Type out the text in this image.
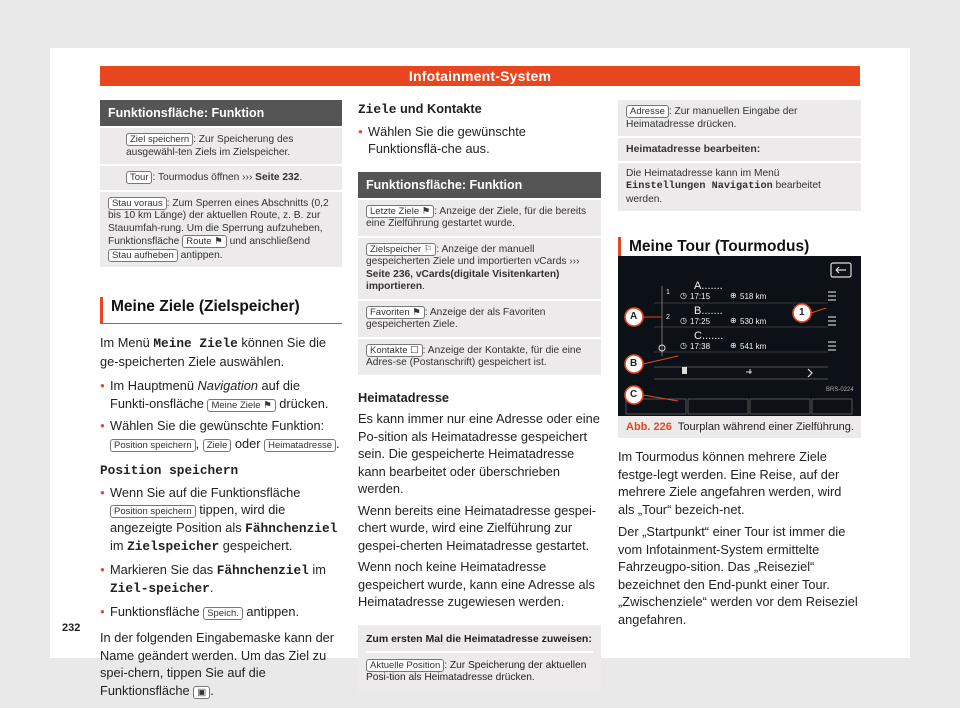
Infotainment-System
Funktionsfläche: Funktion
Ziel speichern : Zur Speicherung des ausgewähl-ten Ziels im Zielspeicher.
Tour : Tourmodus öffnen ››› Seite 232.
Stau voraus : Zum Sperren eines Abschnitts (0,2 bis 10 km Länge) der aktuellen Route, z. B. zur Stauumfah-rung. Um die Sperrung aufzuheben, Funktionsfläche Route ⚑ und anschließend Stau aufheben antippen.
Meine Ziele (Zielspeicher)

Im Menü Meine Ziele können Sie die ge-speicherten Ziele auswählen.

● Im Hauptmenü Navigation auf die Funkti-onsfläche Meine Ziele ⚑ drücken.

● Wählen Sie die gewünschte Funktion: Position speichern , Ziele oder Heimatadresse .

Position speichern

● Wenn Sie auf die Funktionsfläche Position speichern tippen, wird die angezeigte Position als Fähnchenziel im Zielspeicher gespeichert.

● Markieren Sie das Fähnchenziel im Ziel-speicher.

● Funktionsfläche Speich. antippen.

In der folgenden Eingabemaske kann der Name geändert werden. Um das Ziel zu spei-chern, tippen Sie auf die Funktionsfläche ▣ .

Ziele und Kontakte

● Wählen Sie die gewünschte Funktionsflä-che aus.

Funktionsfläche: Funktion
Letzte Ziele ⚑ : Anzeige der Ziele, für die bereits eine Zielführung gestartet wurde.
Zielspeicher ⚐ : Anzeige der manuell gespeicherten Ziele und importierten vCards ››› Seite 236, vCards(digitale Visitenkarten) importieren.
Favoriten ⚑ : Anzeige der als Favoriten gespeicherten Ziele.
Kontakte ☐ : Anzeige der Kontakte, für die eine Adres-se (Postanschrift) gespeichert ist.

Heimatadresse

Es kann immer nur eine Adresse oder eine Po-sition als Heimatadresse gespeichert sein. Die gespeicherte Heimatadresse kann bearbeitet oder überschrieben werden.

Wenn bereits eine Heimatadresse gespei-chert wurde, wird eine Zielführung zur gespei-cherten Heimatadresse gestartet.

Wenn noch keine Heimatadresse gespeichert wurde, kann eine Adresse als Heimatadresse zugewiesen werden.

Zum ersten Mal die Heimatadresse zuweisen:
Aktuelle Position : Zur Speicherung der aktuellen Posi-tion als Heimatadresse drücken.
Adresse : Zur manuellen Eingabe der Heimatadresse drücken.
Heimatadresse bearbeiten:
Die Heimatadresse kann im Menü Einstellungen Navigation bearbeitet werden.
Meine Tour (Tourmodus)
1
A.......
◷ 17:15 ⊕ 518 km
2
B.......
◷ 17:25 ⊕ 530 km
C.......
◷ 17:38 ⊕ 541 km
A
B
C
1
BRS-0224
Abb. 226 Tourplan während einer Zielführung.

Im Tourmodus können mehrere Ziele festge-legt werden. Eine Reise, auf der mehrere Ziele angefahren werden, wird als „Tour“ bezeich-net.

Der „Startpunkt“ einer Tour ist immer die vom Infotainment-System ermittelte Fahrzeugpo-sition. Das „Reiseziel“ bezeichnet den End-punkt einer Tour. „Zwischenziele“ werden vor dem Reiseziel angefahren.

232
